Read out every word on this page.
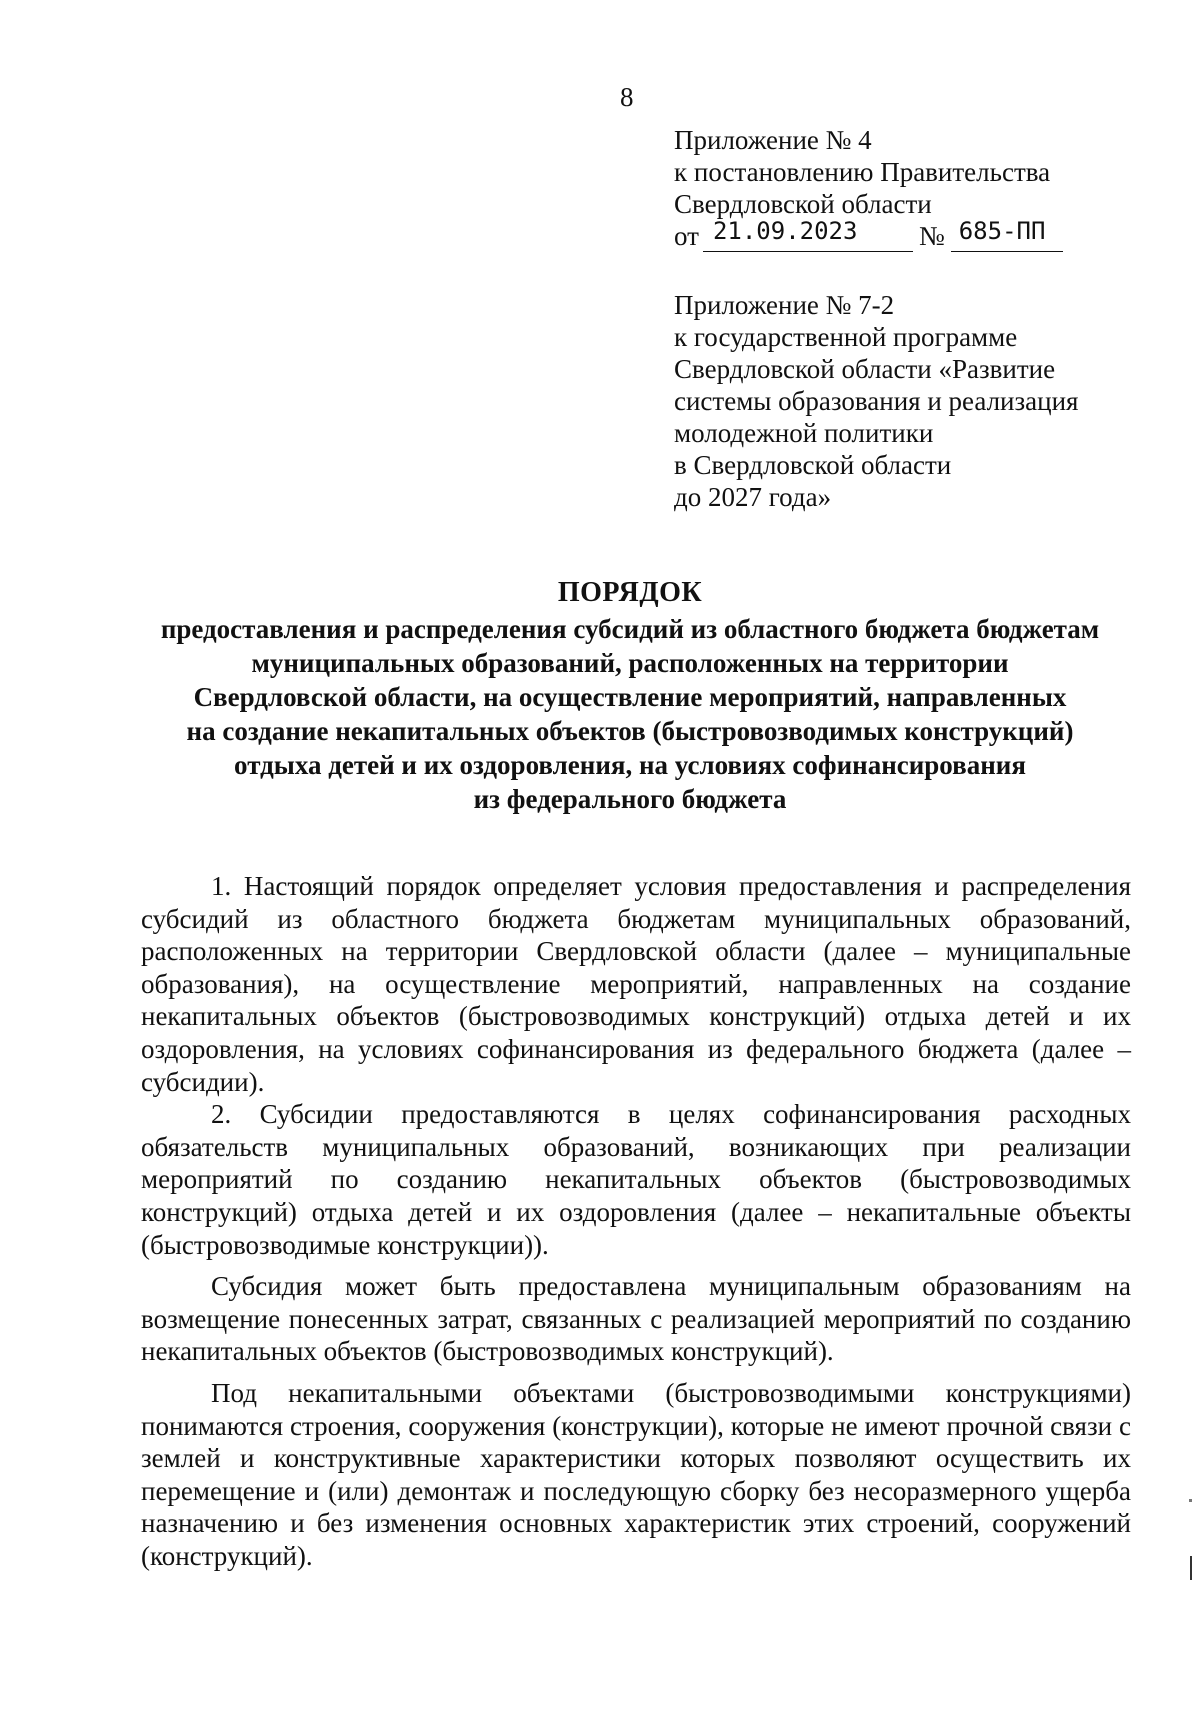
8
Приложение № 4
к постановлению Правительства
Свердловской области
от 21.09.2023 № 685-ПП
Приложение № 7-2
к государственной программе
Свердловской области «Развитие
системы образования и реализация
молодежной политики
в Свердловской области
до 2027 года»
ПОРЯДОК
предоставления и распределения субсидий из областного бюджета бюджетам
муниципальных образований, расположенных на территории
Свердловской области, на осуществление мероприятий, направленных
на создание некапитальных объектов (быстровозводимых конструкций)
отдыха детей и их оздоровления, на условиях софинансирования
из федерального бюджета

1. Настоящий порядок определяет условия предоставления и распределения субсидий из областного бюджета бюджетам муниципальных образований, расположенных на территории Свердловской области (далее – муниципальные образования), на осуществление мероприятий, направленных на создание некапитальных объектов (быстровозводимых конструкций) отдыха детей и их оздоровления, на условиях софинансирования из федерального бюджета (далее – субсидии).

2. Субсидии предоставляются в целях софинансирования расходных обязательств муниципальных образований, возникающих при реализации мероприятий по созданию некапитальных объектов (быстровозводимых конструкций) отдыха детей и их оздоровления (далее – некапитальные объекты (быстровозводимые конструкции)).

Субсидия может быть предоставлена муниципальным образованиям на возмещение понесенных затрат, связанных с реализацией мероприятий по созданию некапитальных объектов (быстровозводимых конструкций).

Под некапитальными объектами (быстровозводимыми конструкциями) понимаются строения, сооружения (конструкции), которые не имеют прочной связи с землей и конструктивные характеристики которых позволяют осуществить их перемещение и (или) демонтаж и последующую сборку без несоразмерного ущерба назначению и без изменения основных характеристик этих строений, сооружений (конструкций).
